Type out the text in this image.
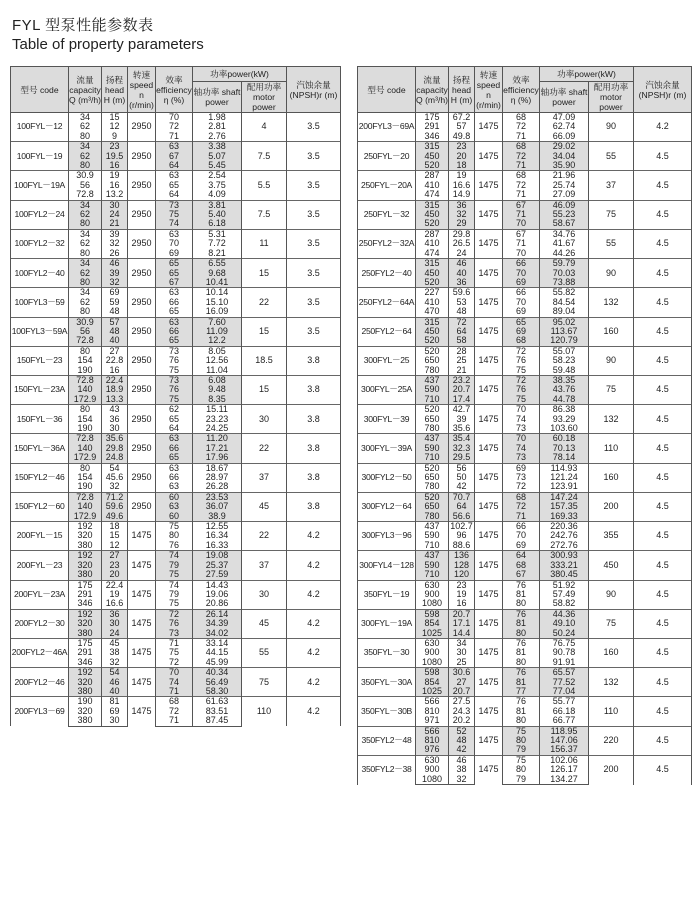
FYL 型泵性能参数表
Table of property parameters
型号 code	流量 capacity Q (m³/h)	扬程 head H (m)	转速 speed n (r/min)	效率 efficiency η (%)	功率power(kW)		汽蚀余量 (NPSH)r (m)
					轴功率 shaft power	配用功率 motor power	
100FYL－12	34	15	2950	70	1.98	4	3.5
	62	12		72	2.81		
	80	9		71	2.76		
100FYL－19	34	23	2950	63	3.38	7.5	3.5
	62	19.5		67	5.07		
	80	16		64	5.45		
100FYL－19A	30.9	19	2950	63	2.54	5.5	3.5
	56	16		65	3.75		
	72.8	13.2		64	4.09		
100FYL2－24	34	30	2950	73	3.81	7.5	3.5
	62	24		75	5.40		
	80	21		74	6.18		
100FYL2－32	34	39	2950	63	5.31	11	3.5
	62	32		70	7.72		
	80	26		69	8.21		
100FYL2－40	34	46	2950	65	6.55	15	3.5
	62	39		65	9.68		
	80	32		67	10.41		
100FYL3－59	34	69	2950	63	10.14	22	3.5
	62	59		66	15.10		
	80	48		65	16.09		
100FYL3－59A	30.9	57	2950	63	7.60	15	3.5
	56	48		66	11.09		
	72.8	40		65	12.2		
150FYL－23	80	27	2950	73	8.05	18.5	3.8
	154	22.8		76	12.56		
	190	16		75	11.04		
150FYL－23A	72.8	22.4	2950	73	6.08	15	3.8
	140	18.9		76	9.48		
	172.9	13.3		75	8.35		
150FYL－36	80	43	2950	62	15.11	30	3.8
	154	36		65	23.23		
	190	30		64	24.25		
150FYL－36A	72.8	35.6	2950	63	11.20	22	3.8
	140	29.8		66	17.21		
	172.9	24.8		65	17.96		
150FYL2－46	80	54	2950	63	18.67	37	3.8
	154	45.6		66	28.97		
	190	32		63	26.28		
150FYL2－60	72.8	71.2	2950	60	23.53	45	3.8
	140	59.6		63	36.07		
	172.9	49.6		60	38.9		
200FYL－15	192	18	1475	75	12.55	22	4.2
	320	15		80	16.34		
	380	12		76	16.33		
200FYL－23	192	27	1475	74	19.08	37	4.2
	320	23		79	25.37		
	380	20		75	27.59		
200FYL－23A	175	22.4	1475	74	14.43	30	4.2
	291	19		79	19.06		
	346	16.6		75	20.86		
200FYL2－30	192	36	1475	72	26.14	45	4.2
	320	30		76	34.39		
	380	24		73	34.02		
200FYL2－46A	175	45	1475	71	33.14	55	4.2
	291	38		75	44.15		
	346	32		72	45.99		
200FYL2－46	192	54	1475	70	40.34	75	4.2
	320	46		74	56.49		
	380	40		71	58.30		
200FYL3－69	190	81	1475	68	61.63	110	4.2
	320	69		72	83.51		
	380	30		71	87.45		
型号 code	流量 capacity Q (m³/h)	扬程 head H (m)	转速 speed n (r/min)	效率 efficiency η (%)	功率power(kW)		汽蚀余量 (NPSH)r (m)
					轴功率 shaft power	配用功率 motor power	
200FYL3－69A	175	67.2	1475	68	47.09	90	4.2
	291	57		72	62.74		
	346	49.8		71	66.09		
250FYL－20	315	23	1475	68	29.02	55	4.5
	450	20		72	34.04		
	520	18		71	35.90		
250FYL－20A	287	19	1475	68	21.96	37	4.5
	410	16.6		72	25.74		
	474	14.9		71	27.09		
250FYL－32	315	36	1475	67	46.09	75	4.5
	450	32		71	55.23		
	520	29		70	58.67		
250FYL2－32A	287	29.8	1475	67	34.76	55	4.5
	410	26.5		71	41.67		
	474	24		70	44.26		
250FYL2－40	315	46	1475	66	59.79	90	4.5
	450	40		70	70.03		
	520	36		69	73.88		
250FYL2－64A	227	59.6	1475	66	55.82	132	4.5
	410	53		70	84.54		
	470	48		69	89.04		
250FYL2－64	315	72	1475	65	95.02	160	4.5
	450	64		69	113.67		
	520	58		68	120.79		
300FYL－25	520	28	1475	72	55.07	90	4.5
	650	25		76	58.23		
	780	21		75	59.48		
300FYL－25A	437	23.2	1475	72	38.35	75	4.5
	590	20.7		76	43.76		
	710	17.4		75	44.78		
300FYL－39	520	42.7	1475	70	86.38	132	4.5
	650	39		74	93.29		
	780	35.6		73	103.60		
300FYL－39A	437	35.4	1475	70	60.18	110	4.5
	590	32.3		74	70.13		
	710	29.5		73	78.14		
300FYL2－50	520	56	1475	69	114.93	160	4.5
	650	50		73	121.24		
	780	42		72	123.91		
300FYL2－64	520	70.7	1475	68	147.24	200	4.5
	650	64		72	157.35		
	780	56.6		71	169.33		
300FYL3－96	437	102.7	1475	66	220.36	355	4.5
	590	96		70	242.76		
	710	88.6		69	272.76		
300FYL4－128	437	136	1475	64	300.93	450	4.5
	590	128		68	333.21		
	710	120		67	380.45		
350FYL－19	630	23	1475	76	51.92	90	4.5
	900	19		81	57.49		
	1080	16		80	58.82		
300FYL－19A	598	20.7	1475	76	44.36	75	4.5
	854	17.1		81	49.10		
	1025	14.4		80	50.24		
350FYL－30	630	34	1475	76	76.75	160	4.5
	900	30		81	90.78		
	1080	25		80	91.91		
350FYL－30A	598	30.6	1475	76	65.57	132	4.5
	854	27		81	77.52		
	1025	20.7		77	77.04		
350FYL－30B	566	27.5	1475	76	55.77	110	4.5
	810	24.3		81	66.18		
	971	20.2		80	66.77		
350FYL2－48	566	52	1475	75	118.95	220	4.5
	810	48		80	147.06		
	976	42		79	156.37		
350FYL2－38	630	46	1475	75	102.06	200	4.5
	900	38		80	126.17		
	1080	32		79	134.27		
